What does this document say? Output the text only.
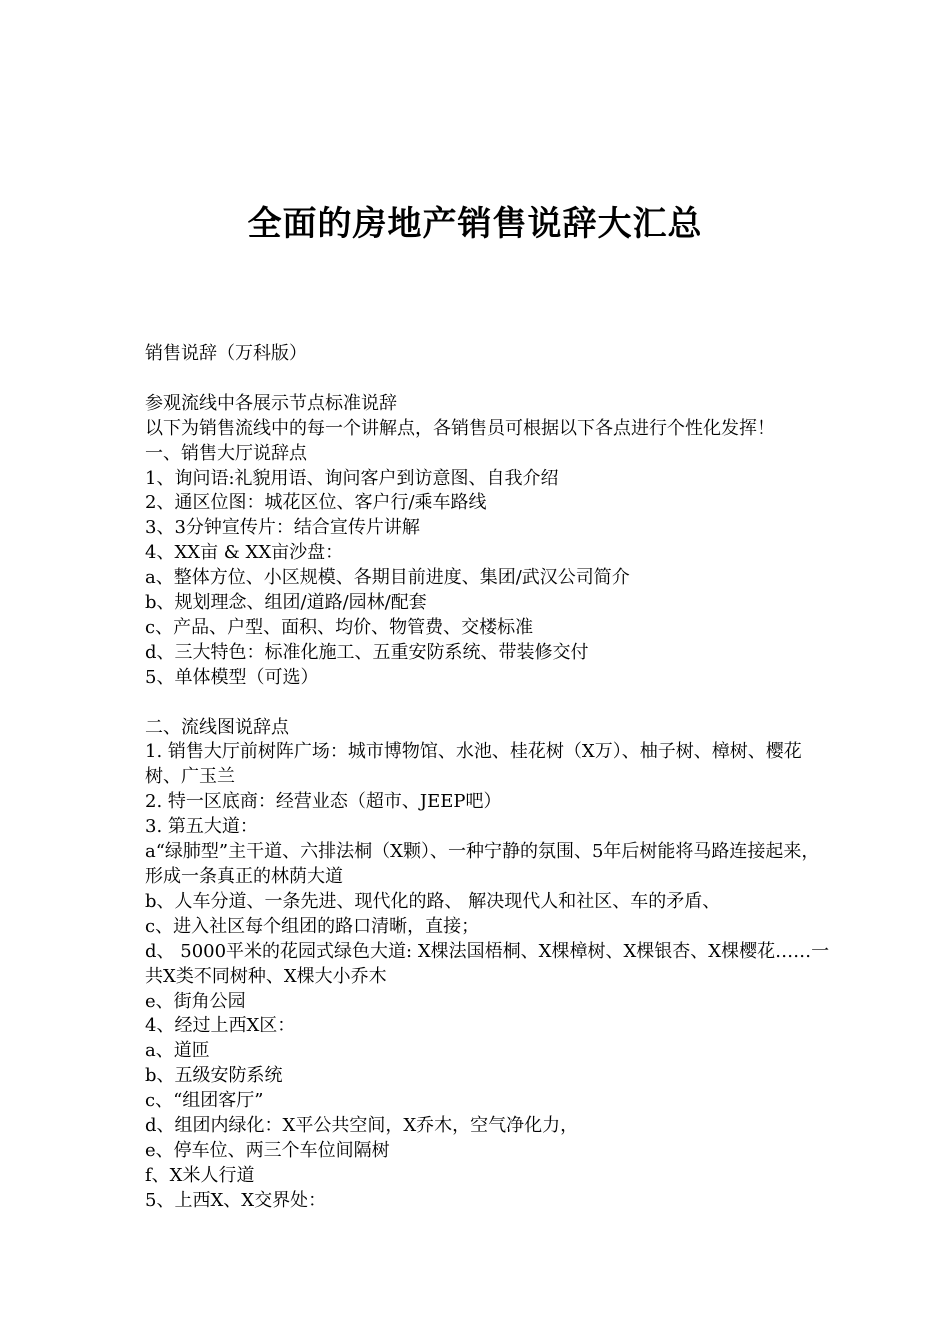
全面的房地产销售说辞大汇总
销售说辞（万科版）
参观流线中各展示节点标准说辞
以下为销售流线中的每一个讲解点，各销售员可根据以下各点进行个性化发挥！
一、销售大厅说辞点
1、询问语:礼貌用语、询问客户到访意图、自我介绍
2、通区位图：城花区位、客户行/乘车路线
3、3分钟宣传片：结合宣传片讲解
4、XX亩 & XX亩沙盘：
a、整体方位、小区规模、各期目前进度、集团/武汉公司简介
b、规划理念、组团/道路/园林/配套
c、产品、户型、面积、均价、物管费、交楼标准
d、三大特色：标准化施工、五重安防系统、带装修交付
5、单体模型（可选）
二、流线图说辞点
1. 销售大厅前树阵广场：城市博物馆、水池、桂花树（X万）、柚子树、樟树、樱花树、广玉兰
2. 特一区底商：经营业态（超市、JEEP吧）
3. 第五大道：
a“绿肺型”主干道、六排法桐（X颗）、一种宁静的氛围、5年后树能将马路连接起来，形成一条真正的林荫大道
b、人车分道、一条先进、现代化的路、 解决现代人和社区、车的矛盾、
c、进入社区每个组团的路口清晰，直接；
d、 5000平米的花园式绿色大道: X棵法国梧桐、X棵樟树、X棵银杏、X棵樱花……一共X类不同树种、X棵大小乔木
e、街角公园
4、经过上西X区：
a、道匝
b、五级安防系统
c、“组团客厅”
d、组团内绿化：X平公共空间，X乔木，空气净化力，
e、停车位、两三个车位间隔树
f、X米人行道
5、上西X、X交界处：
